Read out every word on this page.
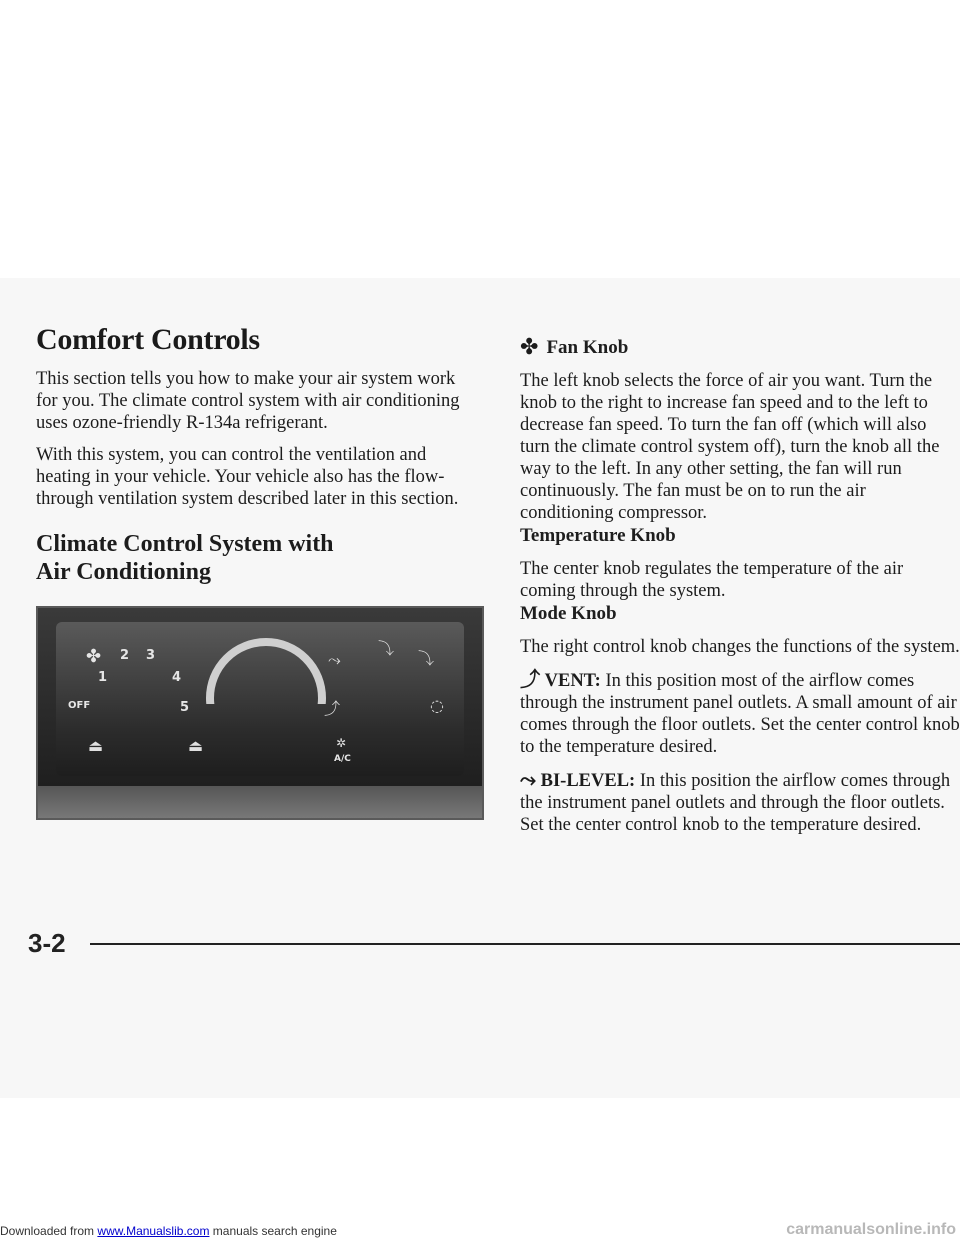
Comfort Controls

This section tells you how to make your air system work for you. The climate control system with air conditioning uses ozone-friendly R-134a refrigerant.

With this system, you can control the ventilation and heating in your vehicle. Your vehicle also has the flow-through ventilation system described later in this section.

Climate Control System with
Air Conditioning
✤ 2 3
1	4
OFF	5
⏏	⏏
⤳
⤵
⤵
⤴	◌
✲
A/C
✤ Fan Knob

The left knob selects the force of air you want. Turn the knob to the right to increase fan speed and to the left to decrease fan speed. To turn the fan off (which will also turn the climate control system off), turn the knob all the way to the left. In any other setting, the fan will run continuously. The fan must be on to run the air conditioning compressor.

Temperature Knob

The center knob regulates the temperature of the air coming through the system.

Mode Knob

The right control knob changes the functions of the system.

⤴ VENT: In this position most of the airflow comes through the instrument panel outlets. A small amount of air comes through the floor outlets. Set the center control knob to the temperature desired.

⤳ BI-LEVEL: In this position the airflow comes through the instrument panel outlets and through the floor outlets. Set the center control knob to the temperature desired.

3-2
Downloaded from www.Manualslib.com manuals search engine	carmanualsonline.info
